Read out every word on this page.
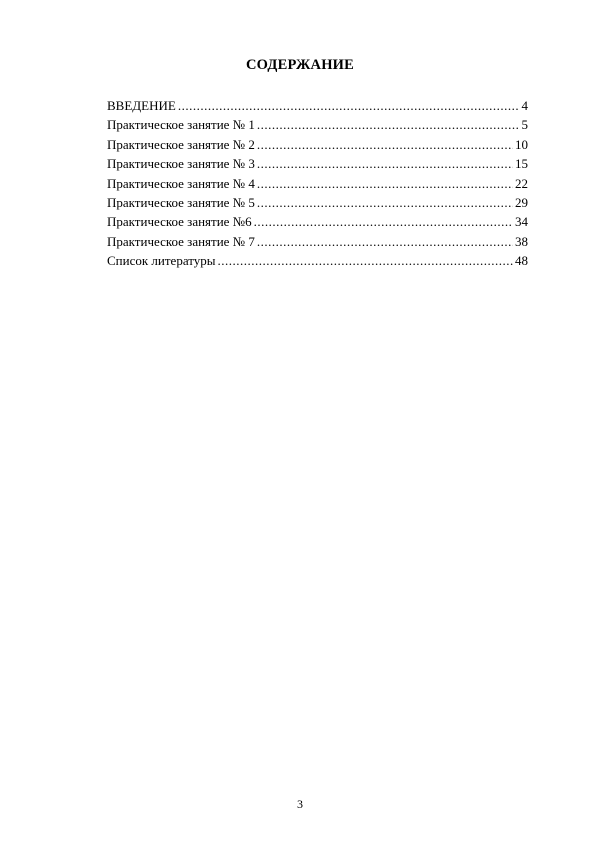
СОДЕРЖАНИЕ
ВВЕДЕНИЕ .....	4
Практическое занятие № 1 .....	5
Практическое занятие № 2 .....	10
Практическое занятие № 3 .....	15
Практическое занятие № 4 .....	22
Практическое занятие № 5 .....	29
Практическое занятие №6 .....	34
Практическое занятие № 7 .....	38
Список литературы .....	48
3
